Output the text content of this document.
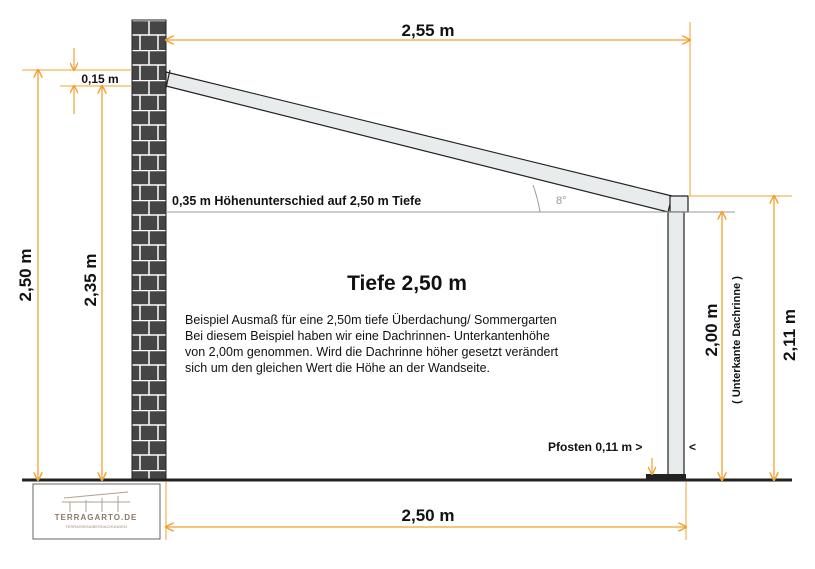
8°
2,55 m
0,15 m
2,50 m	2,35 m
0,35 m Höhenunterschied auf 2,50 m Tiefe
Tiefe 2,50 m
Beispiel Ausmaß für eine 2,50m tiefe Überdachung/ Sommergarten
Bei diesem Beispiel haben wir eine Dachrinnen- Unterkantenhöhe
von 2,00m genommen. Wird die Dachrinne höher gesetzt verändert
sich um den gleichen Wert die Höhe an der Wandseite.
Pfosten 0,11 m >	<
2,00 m ( Unterkante Dachrinne ) 2,11 m
2,50 m
TERRAGARTO.DE
TERRASSENÜBERDACHUNGEN
